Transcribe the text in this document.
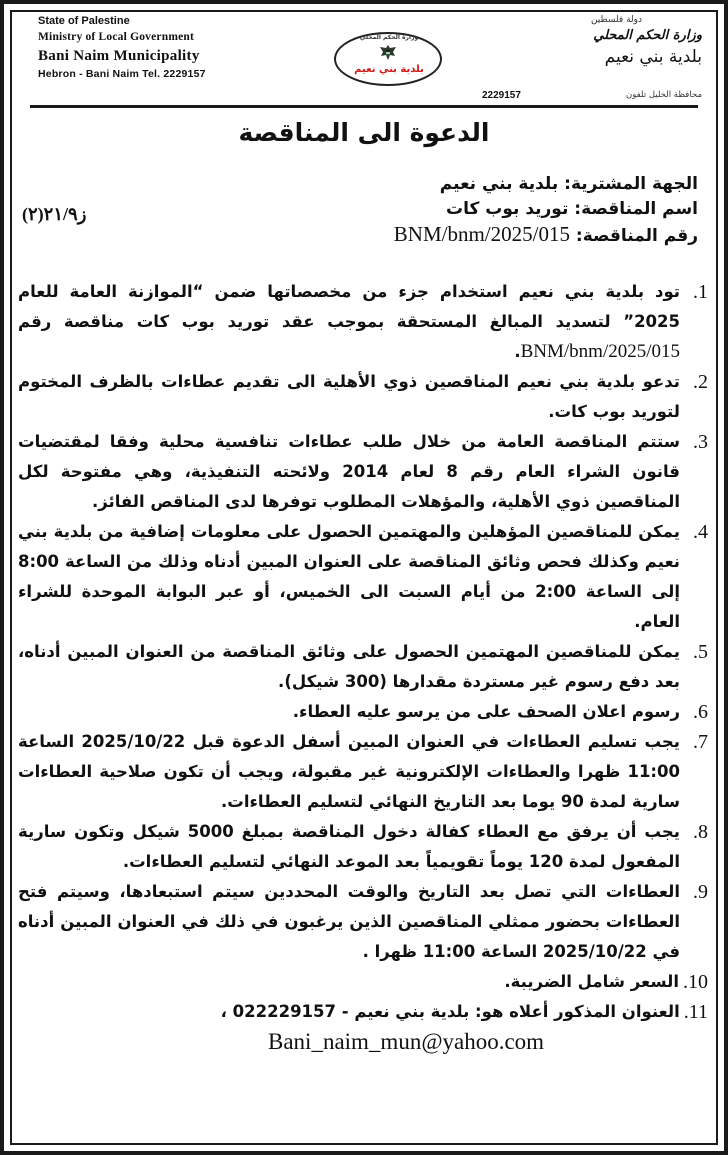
State of Palestine
Ministry of Local Government
Bani Naim Municipality
Hebron - Bani Naim Tel. 2229157
وزارة الحكم المحلي
بلدية بني نعيم
دولة فلسطين
وزارة الحكم المحلي
بلدية بني نعيم
محافظة الخليل تلفون
2229157
الدعوة الى المناقصة
الجهة المشترية: بلدية بني نعيم
اسم المناقصة: توريد بوب كات
رقم المناقصة: BNM/bnm/2025/015
ز٢١/٩(٢)
1.
تود بلدية بني نعيم استخدام جزء من مخصصاتها ضمن “الموازنة العامة للعام 2025” لتسديد المبالغ المستحقة بموجب عقد توريد بوب كات مناقصة رقم BNM/bnm/2025/015.
2.
تدعو بلدية بني نعيم المناقصين ذوي الأهلية الى تقديم عطاءات بالظرف المختوم لتوريد بوب كات.
3.
ستتم المناقصة العامة من خلال طلب عطاءات تنافسية محلية وفقا لمقتضيات قانون الشراء العام رقم 8 لعام 2014 ولائحته التنفيذية، وهي مفتوحة لكل المناقصين ذوي الأهلية، والمؤهلات المطلوب توفرها لدى المناقص الفائز.
4.
يمكن للمناقصين المؤهلين والمهتمين الحصول على معلومات إضافية من بلدية بني نعيم وكذلك فحص وثائق المناقصة على العنوان المبين أدناه وذلك من الساعة 8:00 إلى الساعة 2:00 من أيام السبت الى الخميس، أو عبر البوابة الموحدة للشراء العام.
5.
يمكن للمناقصين المهتمين الحصول على وثائق المناقصة من العنوان المبين أدناه، بعد دفع رسوم غير مستردة مقدارها (300 شيكل).
6.
رسوم اعلان الصحف على من يرسو عليه العطاء.
7.
يجب تسليم العطاءات في العنوان المبين أسفل الدعوة قبل 2025/10/22 الساعة 11:00 ظهرا والعطاءات الإلكترونية غير مقبولة، ويجب أن تكون صلاحية العطاءات سارية لمدة 90 يوما بعد التاريخ النهائي لتسليم العطاءات.
8.
يجب أن يرفق مع العطاء كفالة دخول المناقصة بمبلغ 5000 شيكل وتكون سارية المفعول لمدة 120 يوماً تقويمياً بعد الموعد النهائي لتسليم العطاءات.
9.
العطاءات التي تصل بعد التاريخ والوقت المحددين سيتم استبعادها، وسيتم فتح العطاءات بحضور ممثلي المناقصين الذين يرغبون في ذلك في العنوان المبين أدناه في 2025/10/22 الساعة 11:00 ظهرا .
10.
السعر شامل الضريبة.
11.
العنوان المذكور أعلاه هو: بلدية بني نعيم - 022229157 ،
Bani_naim_mun@yahoo.com
